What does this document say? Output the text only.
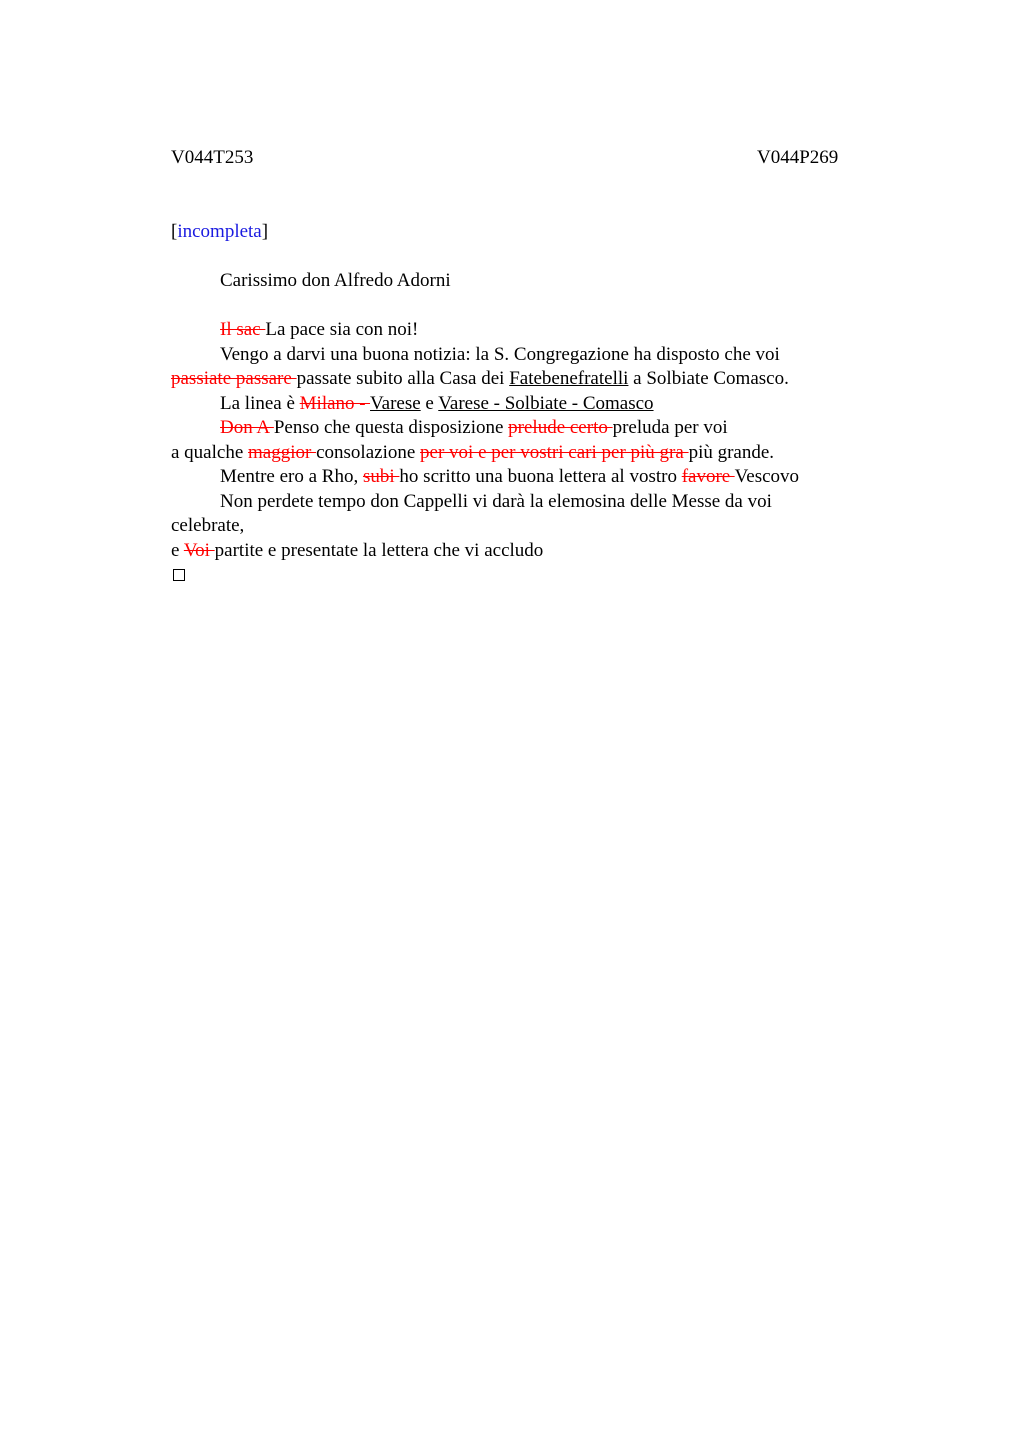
V044T253	V044P269
[incompleta]
Carissimo don Alfredo Adorni
Il sac La pace sia con noi!
Vengo a darvi una buona notizia: la S. Congregazione ha disposto che voi
passiate passare passate subito alla Casa dei Fatebenefratelli a Solbiate Comasco.
La linea è Milano - Varese e Varese - Solbiate - Comasco
Don A Penso che questa disposizione prelude certo preluda per voi
a qualche maggior consolazione per voi e per vostri cari per più gra più grande.
Mentre ero a Rho, subi ho scritto una buona lettera al vostro favore Vescovo
Non perdete tempo don Cappelli vi darà la elemosina delle Messe da voi
celebrate,
e Voi partite e presentate la lettera che vi accludo
